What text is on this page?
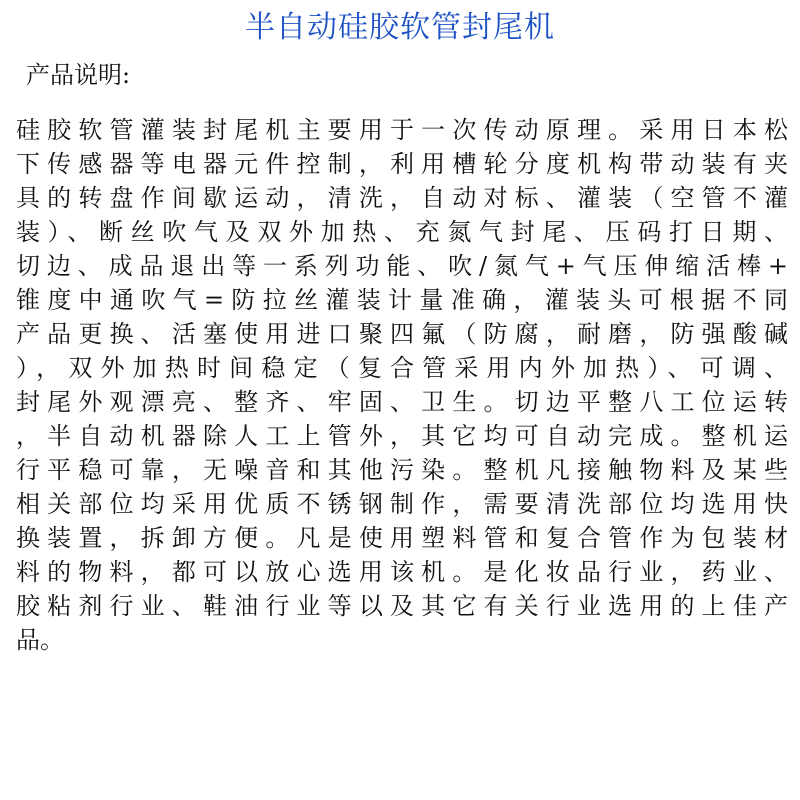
半自动硅胶软管封尾机
产品说明:
硅胶软管灌装封尾机主要用于一次传动原理。采用日本松
下传感器等电器元件控制，利用槽轮分度机构带动装有夹
具的转盘作间歇运动，清洗，自动对标、灌装（空管不灌
装）、断丝吹气及双外加热、充氮气封尾、压码打日期、
切边、成品退出等一系列功能、吹/氮气+气压伸缩活棒+
锥度中通吹气=防拉丝灌装计量准确，灌装头可根据不同
产品更换、活塞使用进口聚四氟（防腐，耐磨，防强酸碱
），双外加热时间稳定（复合管采用内外加热）、可调、
封尾外观漂亮、整齐、牢固、卫生。切边平整八工位运转
，半自动机器除人工上管外，其它均可自动完成。整机运
行平稳可靠，无噪音和其他污染。整机凡接触物料及某些
相关部位均采用优质不锈钢制作，需要清洗部位均选用快
换装置，拆卸方便。凡是使用塑料管和复合管作为包装材
料的物料，都可以放心选用该机。是化妆品行业，药业、
胶粘剂行业、鞋油行业等以及其它有关行业选用的上佳产
品。
